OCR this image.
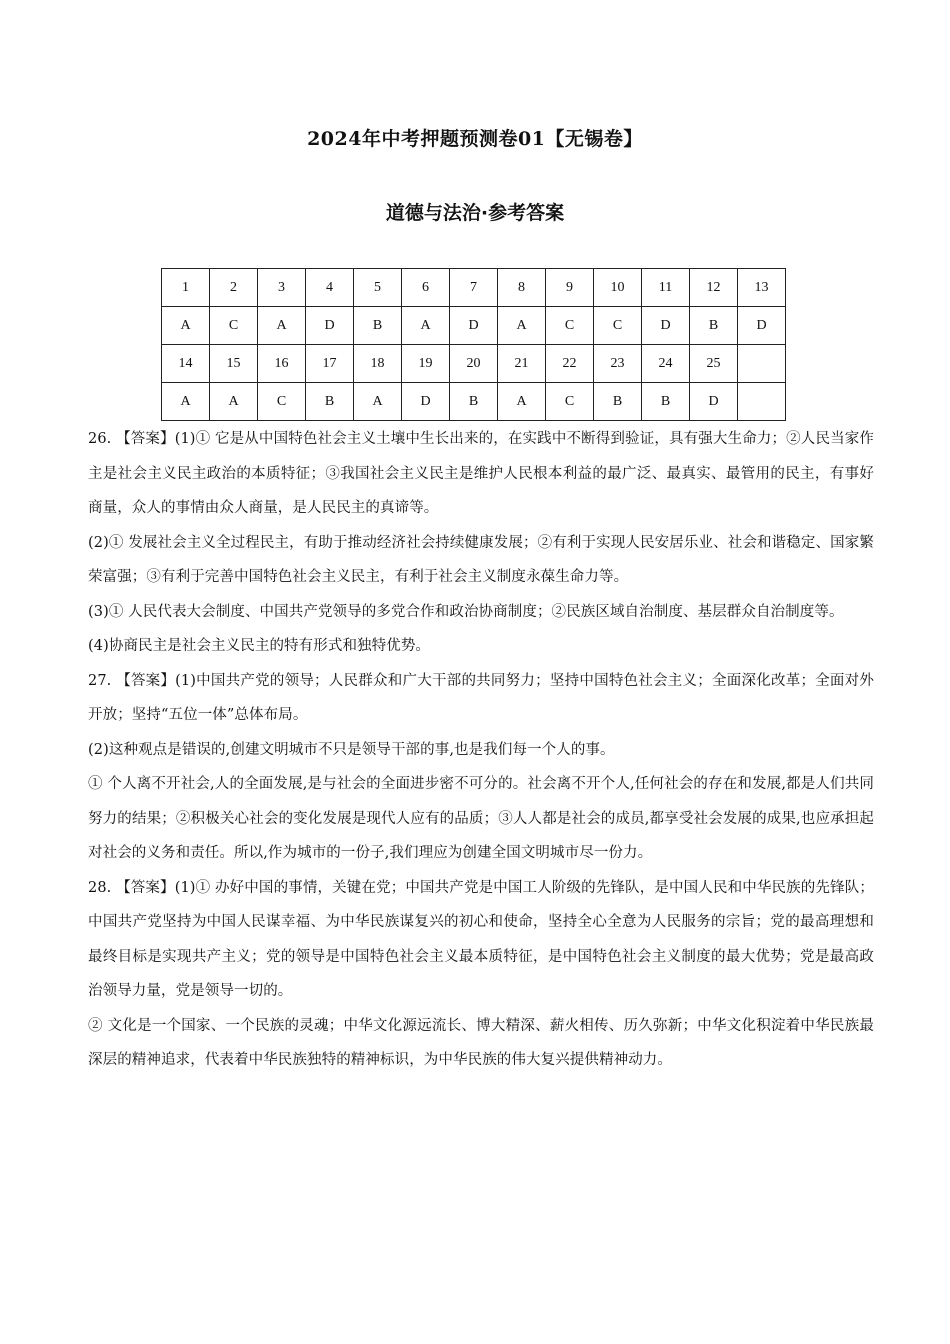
2024年中考押题预测卷01【无锡卷】
道德与法治·参考答案
1	2	3	4	5	6	7	8	9	10	11	12	13
A	C	A	D	B	A	D	A	C	C	D	B	D
14	15	16	17	18	19	20	21	22	23	24	25	
A	A	C	B	A	D	B	A	C	B	B	D	

26. 【答案】(1)① 它是从中国特色社会主义土壤中生长出来的，在实践中不断得到验证，具有强大生命力；②人民当家作主是社会主义民主政治的本质特征；③我国社会主义民主是维护人民根本利益的最广泛、最真实、最管用的民主，有事好商量，众人的事情由众人商量，是人民民主的真谛等。

(2)① 发展社会主义全过程民主，有助于推动经济社会持续健康发展；②有利于实现人民安居乐业、社会和谐稳定、国家繁荣富强；③有利于完善中国特色社会主义民主，有利于社会主义制度永葆生命力等。

(3)① 人民代表大会制度、中国共产党领导的多党合作和政治协商制度；②民族区域自治制度、基层群众自治制度等。

(4)协商民主是社会主义民主的特有形式和独特优势。

27. 【答案】(1)中国共产党的领导；人民群众和广大干部的共同努力；坚持中国特色社会主义；全面深化改革；全面对外开放；坚持“五位一体”总体布局。

(2)这种观点是错误的,创建文明城市不只是领导干部的事,也是我们每一个人的事。

① 个人离不开社会,人的全面发展,是与社会的全面进步密不可分的。社会离不开个人,任何社会的存在和发展,都是人们共同努力的结果；②积极关心社会的变化发展是现代人应有的品质；③人人都是社会的成员,都享受社会发展的成果,也应承担起对社会的义务和责任。所以,作为城市的一份子,我们理应为创建全国文明城市尽一份力。

28. 【答案】(1)① 办好中国的事情，关键在党；中国共产党是中国工人阶级的先锋队，是中国人民和中华民族的先锋队；中国共产党坚持为中国人民谋幸福、为中华民族谋复兴的初心和使命，坚持全心全意为人民服务的宗旨；党的最高理想和最终目标是实现共产主义；党的领导是中国特色社会主义最本质特征，是中国特色社会主义制度的最大优势；党是最高政治领导力量，党是领导一切的。

② 文化是一个国家、一个民族的灵魂；中华文化源远流长、博大精深、薪火相传、历久弥新；中华文化积淀着中华民族最深层的精神追求，代表着中华民族独特的精神标识，为中华民族的伟大复兴提供精神动力。
